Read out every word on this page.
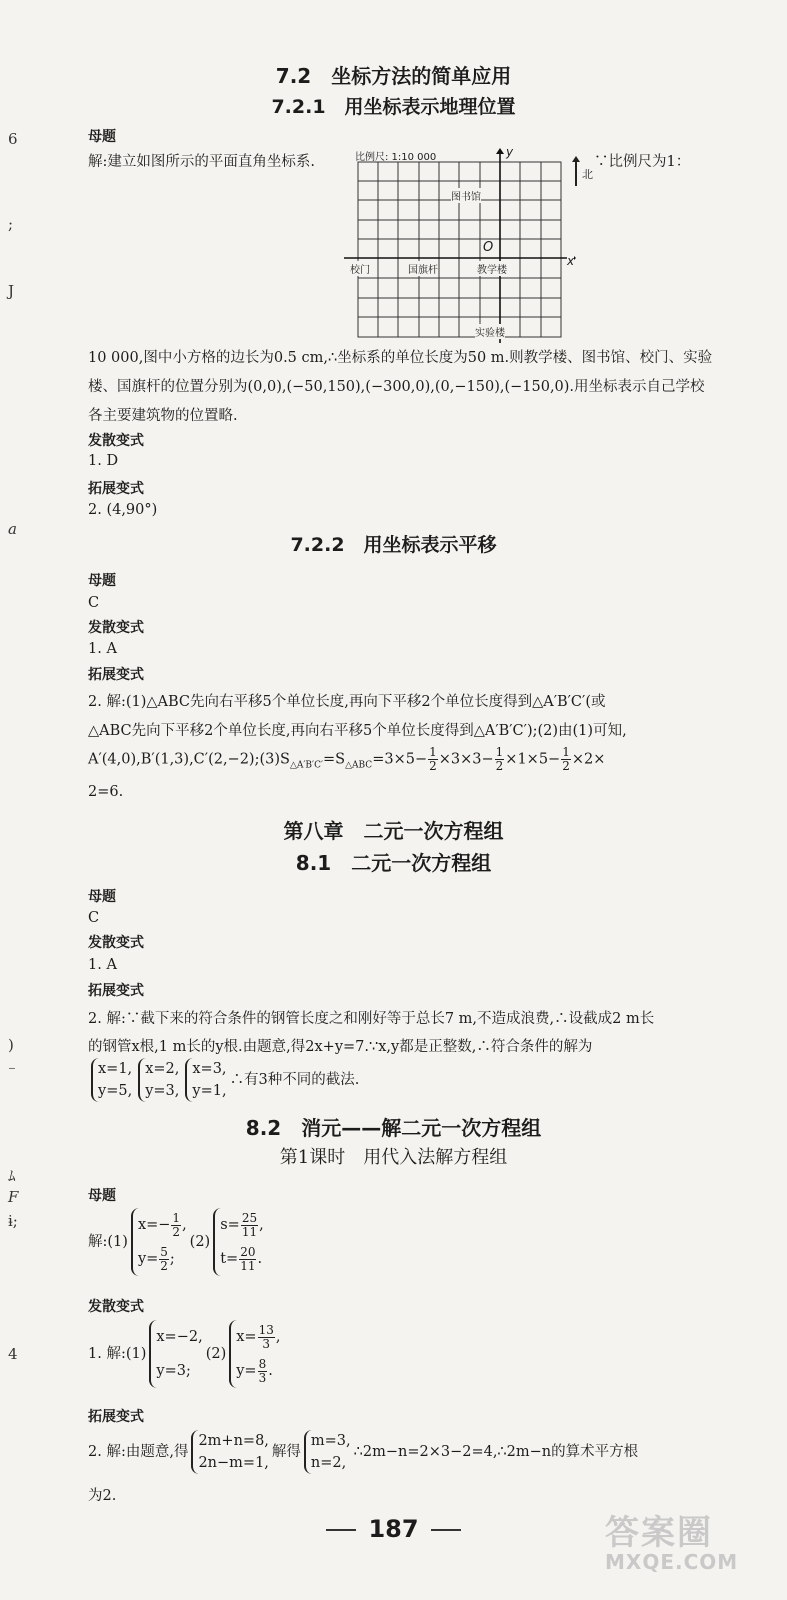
6
;
Ϳ
a
)
⁻
ﾑ
F
ɨ;
4
7.2　坐标方法的简单应用
7.2.1　用坐标表示地理位置
母题
解:建立如图所示的平面直角坐标系.	∵比例尺为1：
比例尺: 1:10 000	y
x
O
图书馆
校门	国旗杆	教学楼
实验楼
北
10 000,图中小方格的边长为0.5 cm,∴坐标系的单位长度为50 m.则教学楼、图书馆、校门、实验楼、国旗杆的位置分别为(0,0),(−50,150),(−300,0),(0,−150),(−150,0).用坐标表示自己学校各主要建筑物的位置略.
发散变式
1. D
拓展变式
2. (4,90°)
7.2.2　用坐标表示平移
母题
C
发散变式
1. A
拓展变式
2. 解:(1)△ABC先向右平移5个单位长度,再向下平移2个单位长度得到△A′B′C′(或
△ABC先向下平移2个单位长度,再向右平移5个单位长度得到△A′B′C′);(2)由(1)可知,
$A'(4,0),B'(1,3),C'(2,-2);(3)S_{\triangle A'B'C'}=S_{\triangle ABC}=3\times 5- \frac{1}{2} \times 3\times 3- \frac{1}{2} \times 1\times 5- \frac{1}{2} \times 2\times$
2=6.
第八章　二元一次方程组
8.1　二元一次方程组
母题
C
发散变式
1. A
拓展变式
2. 解:∵截下来的符合条件的钢管长度之和刚好等于总长7 m,不造成浪费,∴设截成2 m长
的钢管x根,1 m长的y根.由题意,得2x+y=7.∵x,y都是正整数,∴符合条件的解为
x=1,
y=5,x=2,
y=3,x=3,
y=1,∴有3种不同的截法.
8.2　消元——解二元一次方程组
第1课时　用代入法解方程组
母题
解:(1)x=− $\frac{1}{2}$ ,
$y= \frac{5}{2}$ ;(2)s= $\frac{25}{11}$ ,
$t= \frac{20}{11}$ .
发散变式
1. 解:(1)x=−2,
y=3;(2)x= $\frac{13}{3}$ ,
$y= \frac{8}{3}$ .
拓展变式
2. 解:由题意,得2m+n=8,
2n−m=1,解得m=3,
n=2,∴2m−n=2×3−2=4,∴2m−n的算术平方根
为2.
187	答案圈
MXQE.COM
